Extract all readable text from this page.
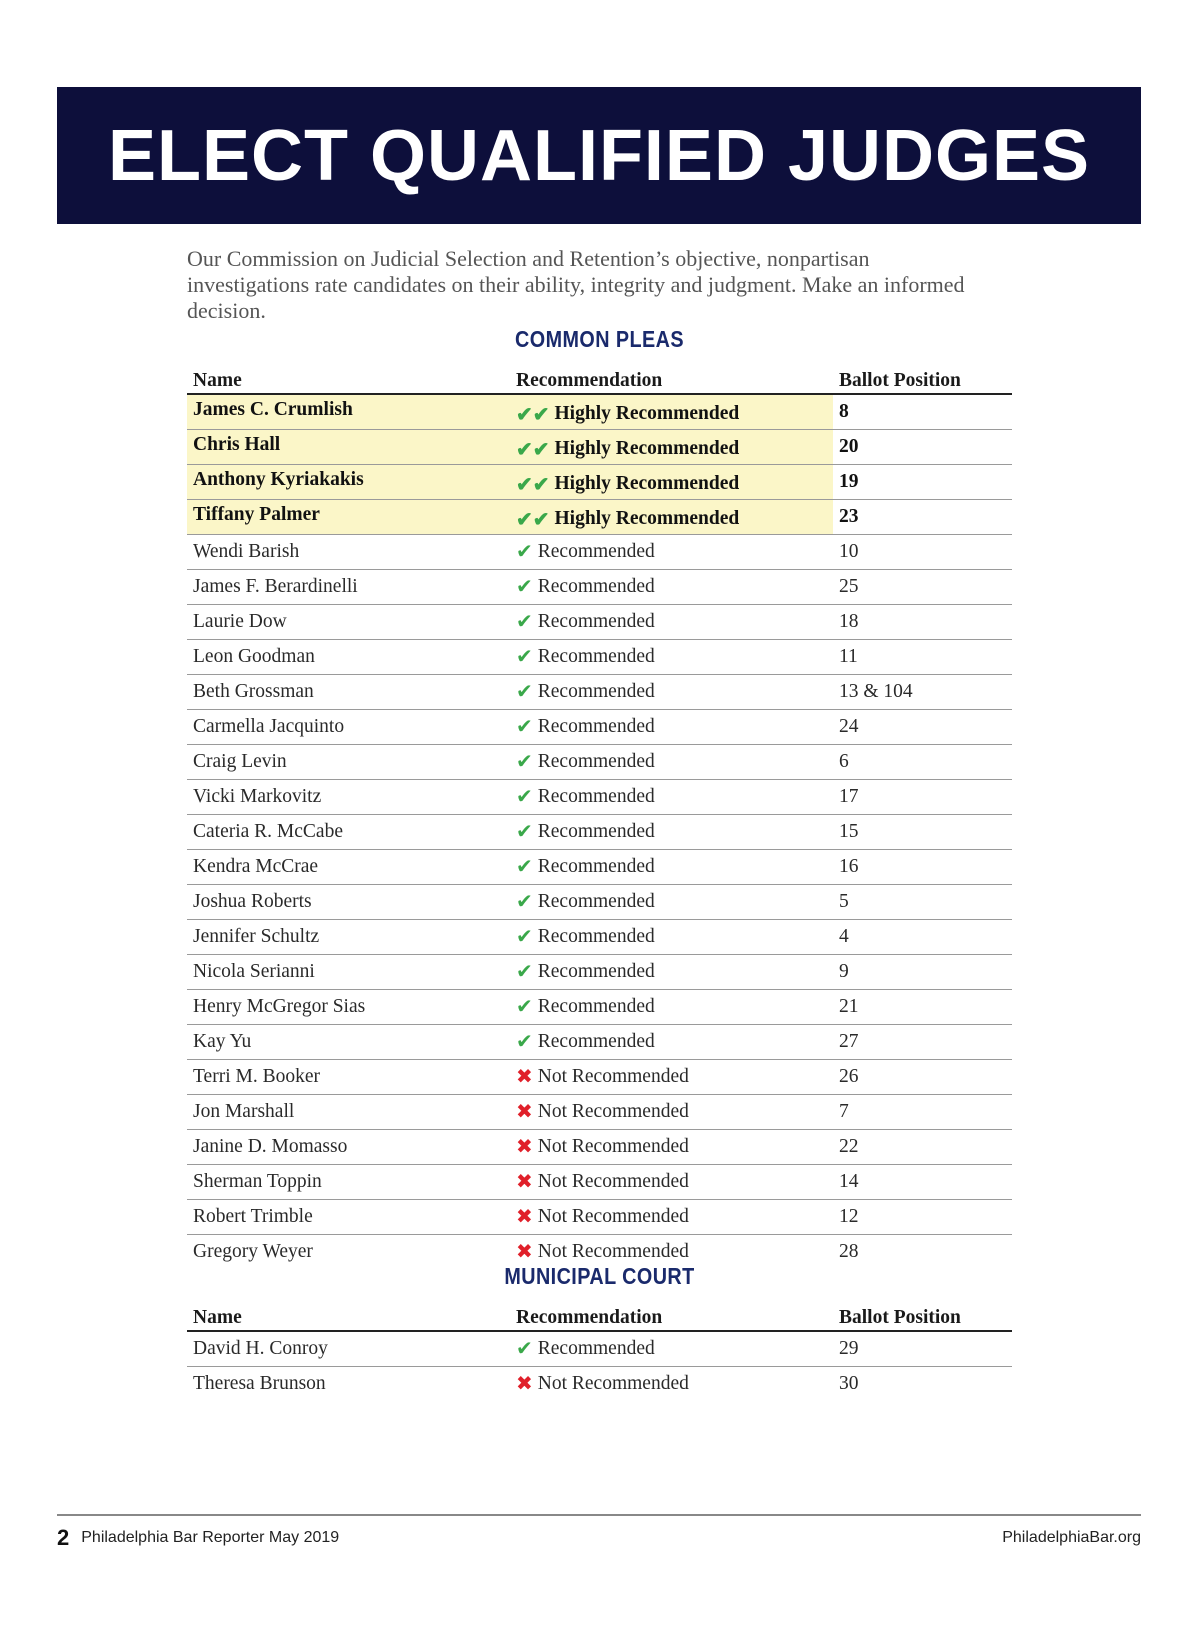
ELECT QUALIFIED JUDGES

Our Commission on Judicial Selection and Retention’s objective, nonpartisan investigations rate candidates on their ability, integrity and judgment. Make an informed decision.

COMMON PLEAS
Name	Recommendation	Ballot Position
James C. Crumlish	✔✔ Highly Recommended	8
Chris Hall	✔✔ Highly Recommended	20
Anthony Kyriakakis	✔✔ Highly Recommended	19
Tiffany Palmer	✔✔ Highly Recommended	23
Wendi Barish	✔ Recommended	10
James F. Berardinelli	✔ Recommended	25
Laurie Dow	✔ Recommended	18
Leon Goodman	✔ Recommended	11
Beth Grossman	✔ Recommended	13 & 104
Carmella Jacquinto	✔ Recommended	24
Craig Levin	✔ Recommended	6
Vicki Markovitz	✔ Recommended	17
Cateria R. McCabe	✔ Recommended	15
Kendra McCrae	✔ Recommended	16
Joshua Roberts	✔ Recommended	5
Jennifer Schultz	✔ Recommended	4
Nicola Serianni	✔ Recommended	9
Henry McGregor Sias	✔ Recommended	21
Kay Yu	✔ Recommended	27
Terri M. Booker	✖ Not Recommended	26
Jon Marshall	✖ Not Recommended	7
Janine D. Momasso	✖ Not Recommended	22
Sherman Toppin	✖ Not Recommended	14
Robert Trimble	✖ Not Recommended	12
Gregory Weyer	✖ Not Recommended	28
MUNICIPAL COURT
Name	Recommendation	Ballot Position
David H. Conroy	✔ Recommended	29
Theresa Brunson	✖ Not Recommended	30
2 Philadelphia Bar Reporter May 2019	PhiladelphiaBar.org
